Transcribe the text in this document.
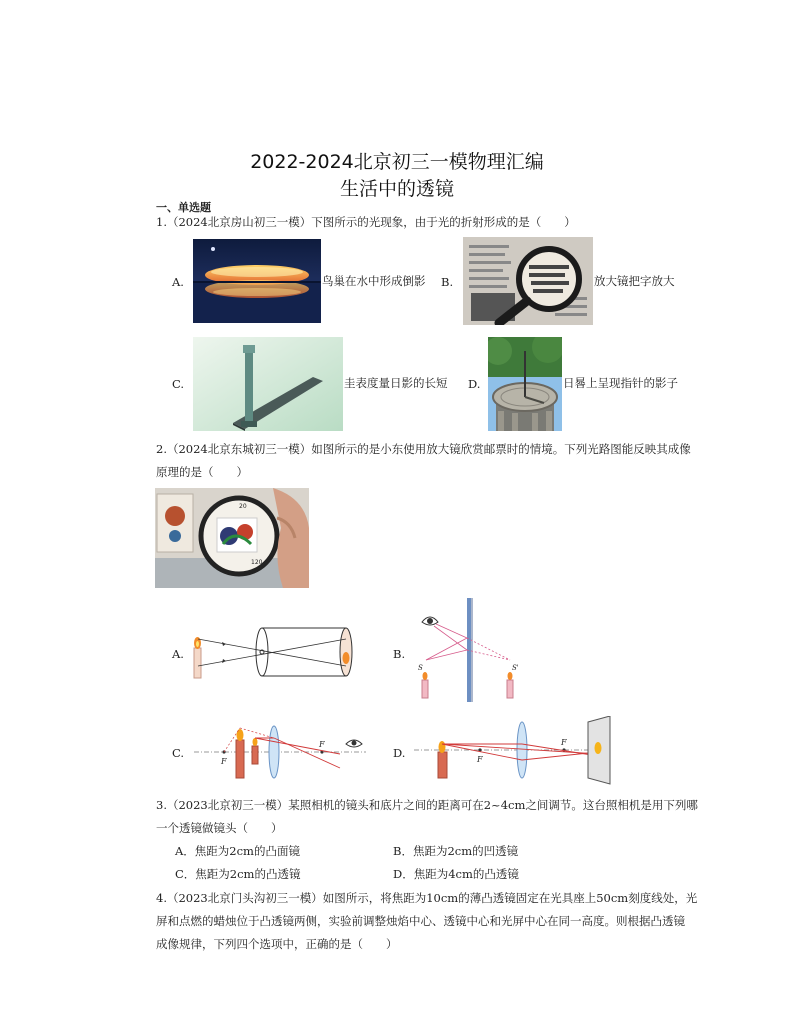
2022-2024北京初三一模物理汇编
生活中的透镜
一、单选题
1.（2024北京房山初三一模）下图所示的光现象，由于光的折射形成的是（　　）
A.	鸟巢在水中形成倒影 B.	放大镜把字放大
C.	圭表度量日影的长短 D.	日晷上呈现指针的影子
2.（2024北京东城初三一模）如图所示的是小东使用放大镜欣赏邮票时的情境。下列光路图能反映其成像
原理的是（　　）
20
120
A.	B.
S	S'
C.
F
F
D.	F
F
3.（2023北京初三一模）某照相机的镜头和底片之间的距离可在2~4cm之间调节。这台照相机是用下列哪
一个透镜做镜头（　　）
A．焦距为2cm的凸面镜	B．焦距为2cm的凹透镜
C．焦距为2cm的凸透镜	D．焦距为4cm的凸透镜
4.（2023北京门头沟初三一模）如图所示，将焦距为10cm的薄凸透镜固定在光具座上50cm刻度线处，光
屏和点燃的蜡烛位于凸透镜两侧，实验前调整烛焰中心、透镜中心和光屏中心在同一高度。则根据凸透镜
成像规律，下列四个选项中，正确的是（　　）
